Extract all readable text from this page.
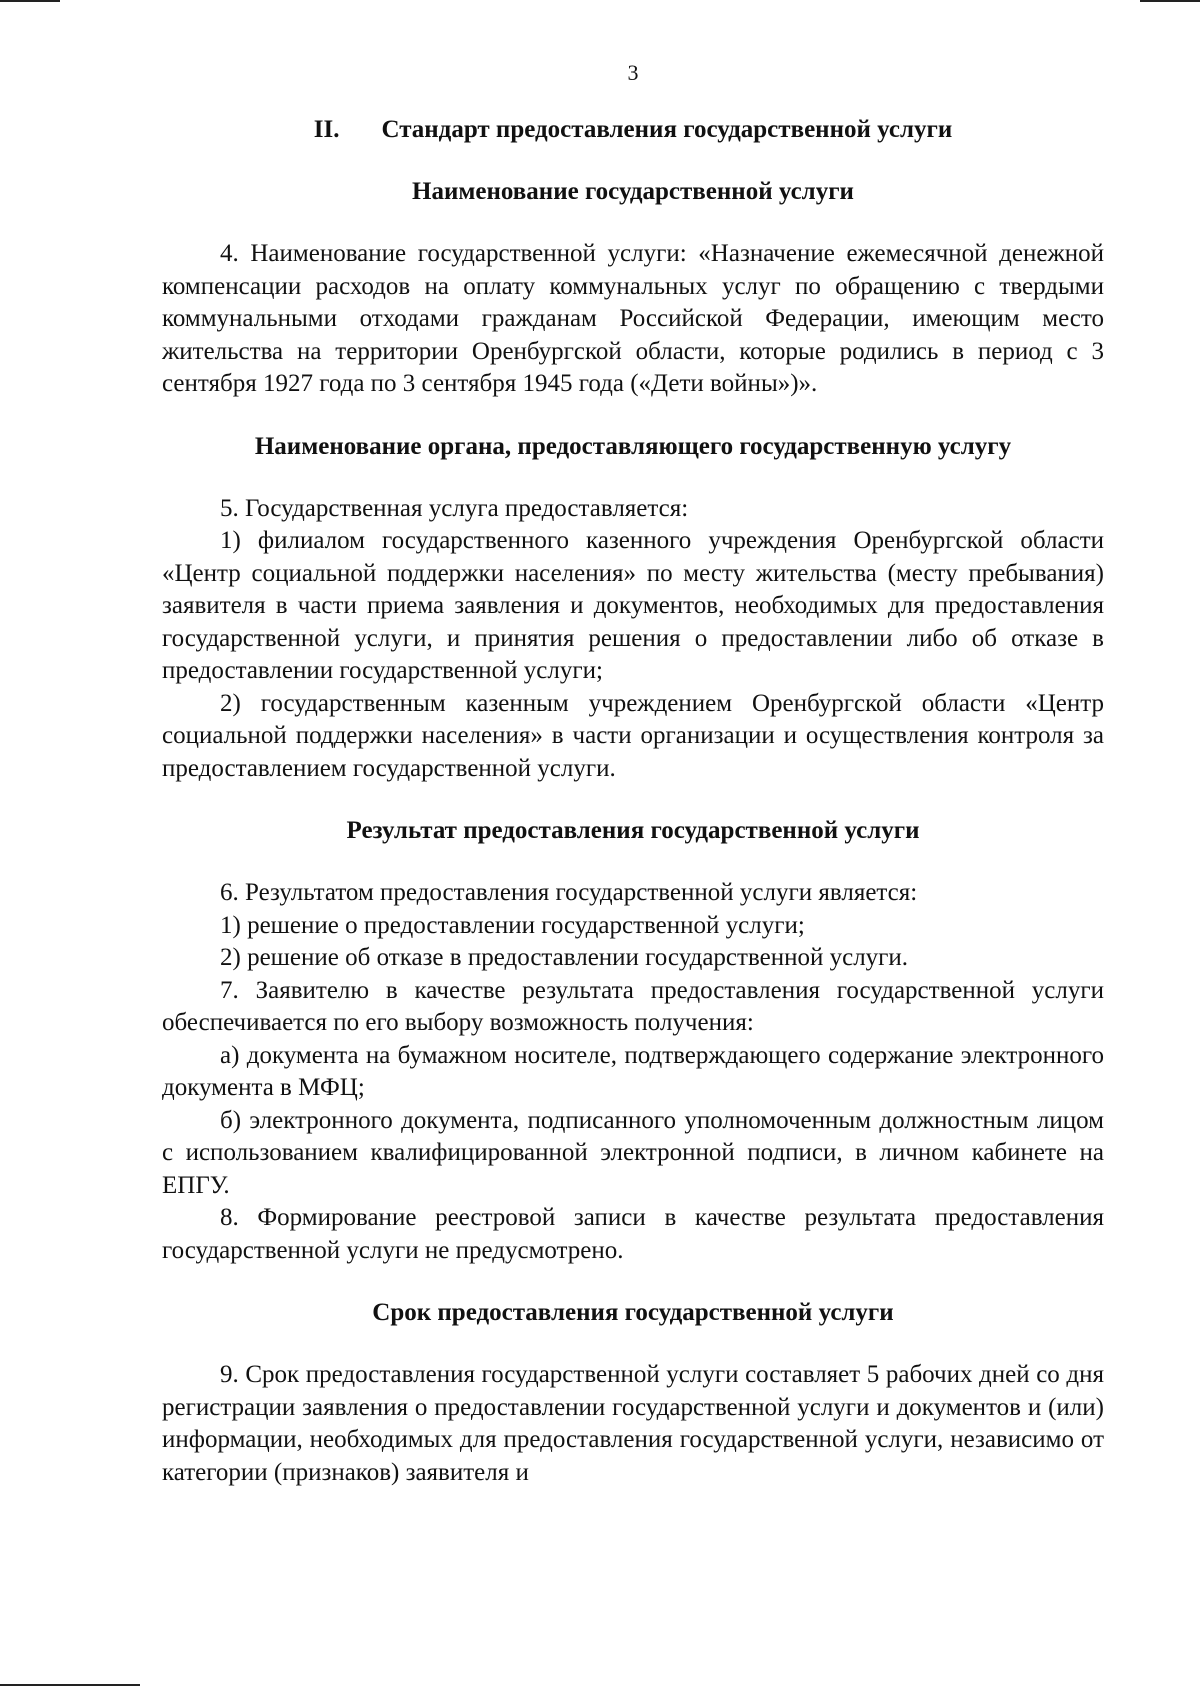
3
II. Стандарт предоставления государственной услуги
Наименование государственной услуги

4. Наименование государственной услуги: «Назначение ежемесячной денежной компенсации расходов на оплату коммунальных услуг по обращению с твердыми коммунальными отходами гражданам Российской Федерации, имеющим место жительства на территории Оренбургской области, которые родились в период с 3 сентября 1927 года по 3 сентября 1945 года («Дети войны»)».

Наименование органа, предоставляющего государственную услугу

5. Государственная услуга предоставляется:

1) филиалом государственного казенного учреждения Оренбургской области «Центр социальной поддержки населения» по месту жительства (месту пребывания) заявителя в части приема заявления и документов, необходимых для предоставления государственной услуги, и принятия решения о предоставлении либо об отказе в предоставлении государственной услуги;

2) государственным казенным учреждением Оренбургской области «Центр социальной поддержки населения» в части организации и осуществления контроля за предоставлением государственной услуги.

Результат предоставления государственной услуги

6. Результатом предоставления государственной услуги является:

1) решение о предоставлении государственной услуги;

2) решение об отказе в предоставлении государственной услуги.

7. Заявителю в качестве результата предоставления государственной услуги обеспечивается по его выбору возможность получения:

а) документа на бумажном носителе, подтверждающего содержание электронного документа в МФЦ;

б) электронного документа, подписанного уполномоченным должностным лицом с использованием квалифицированной электронной подписи, в личном кабинете на ЕПГУ.

8. Формирование реестровой записи в качестве результата предоставления государственной услуги не предусмотрено.

Срок предоставления государственной услуги

9. Срок предоставления государственной услуги составляет 5 рабочих дней со дня регистрации заявления о предоставлении государственной услуги и документов и (или) информации, необходимых для предоставления государственной услуги, независимо от категории (признаков) заявителя и
